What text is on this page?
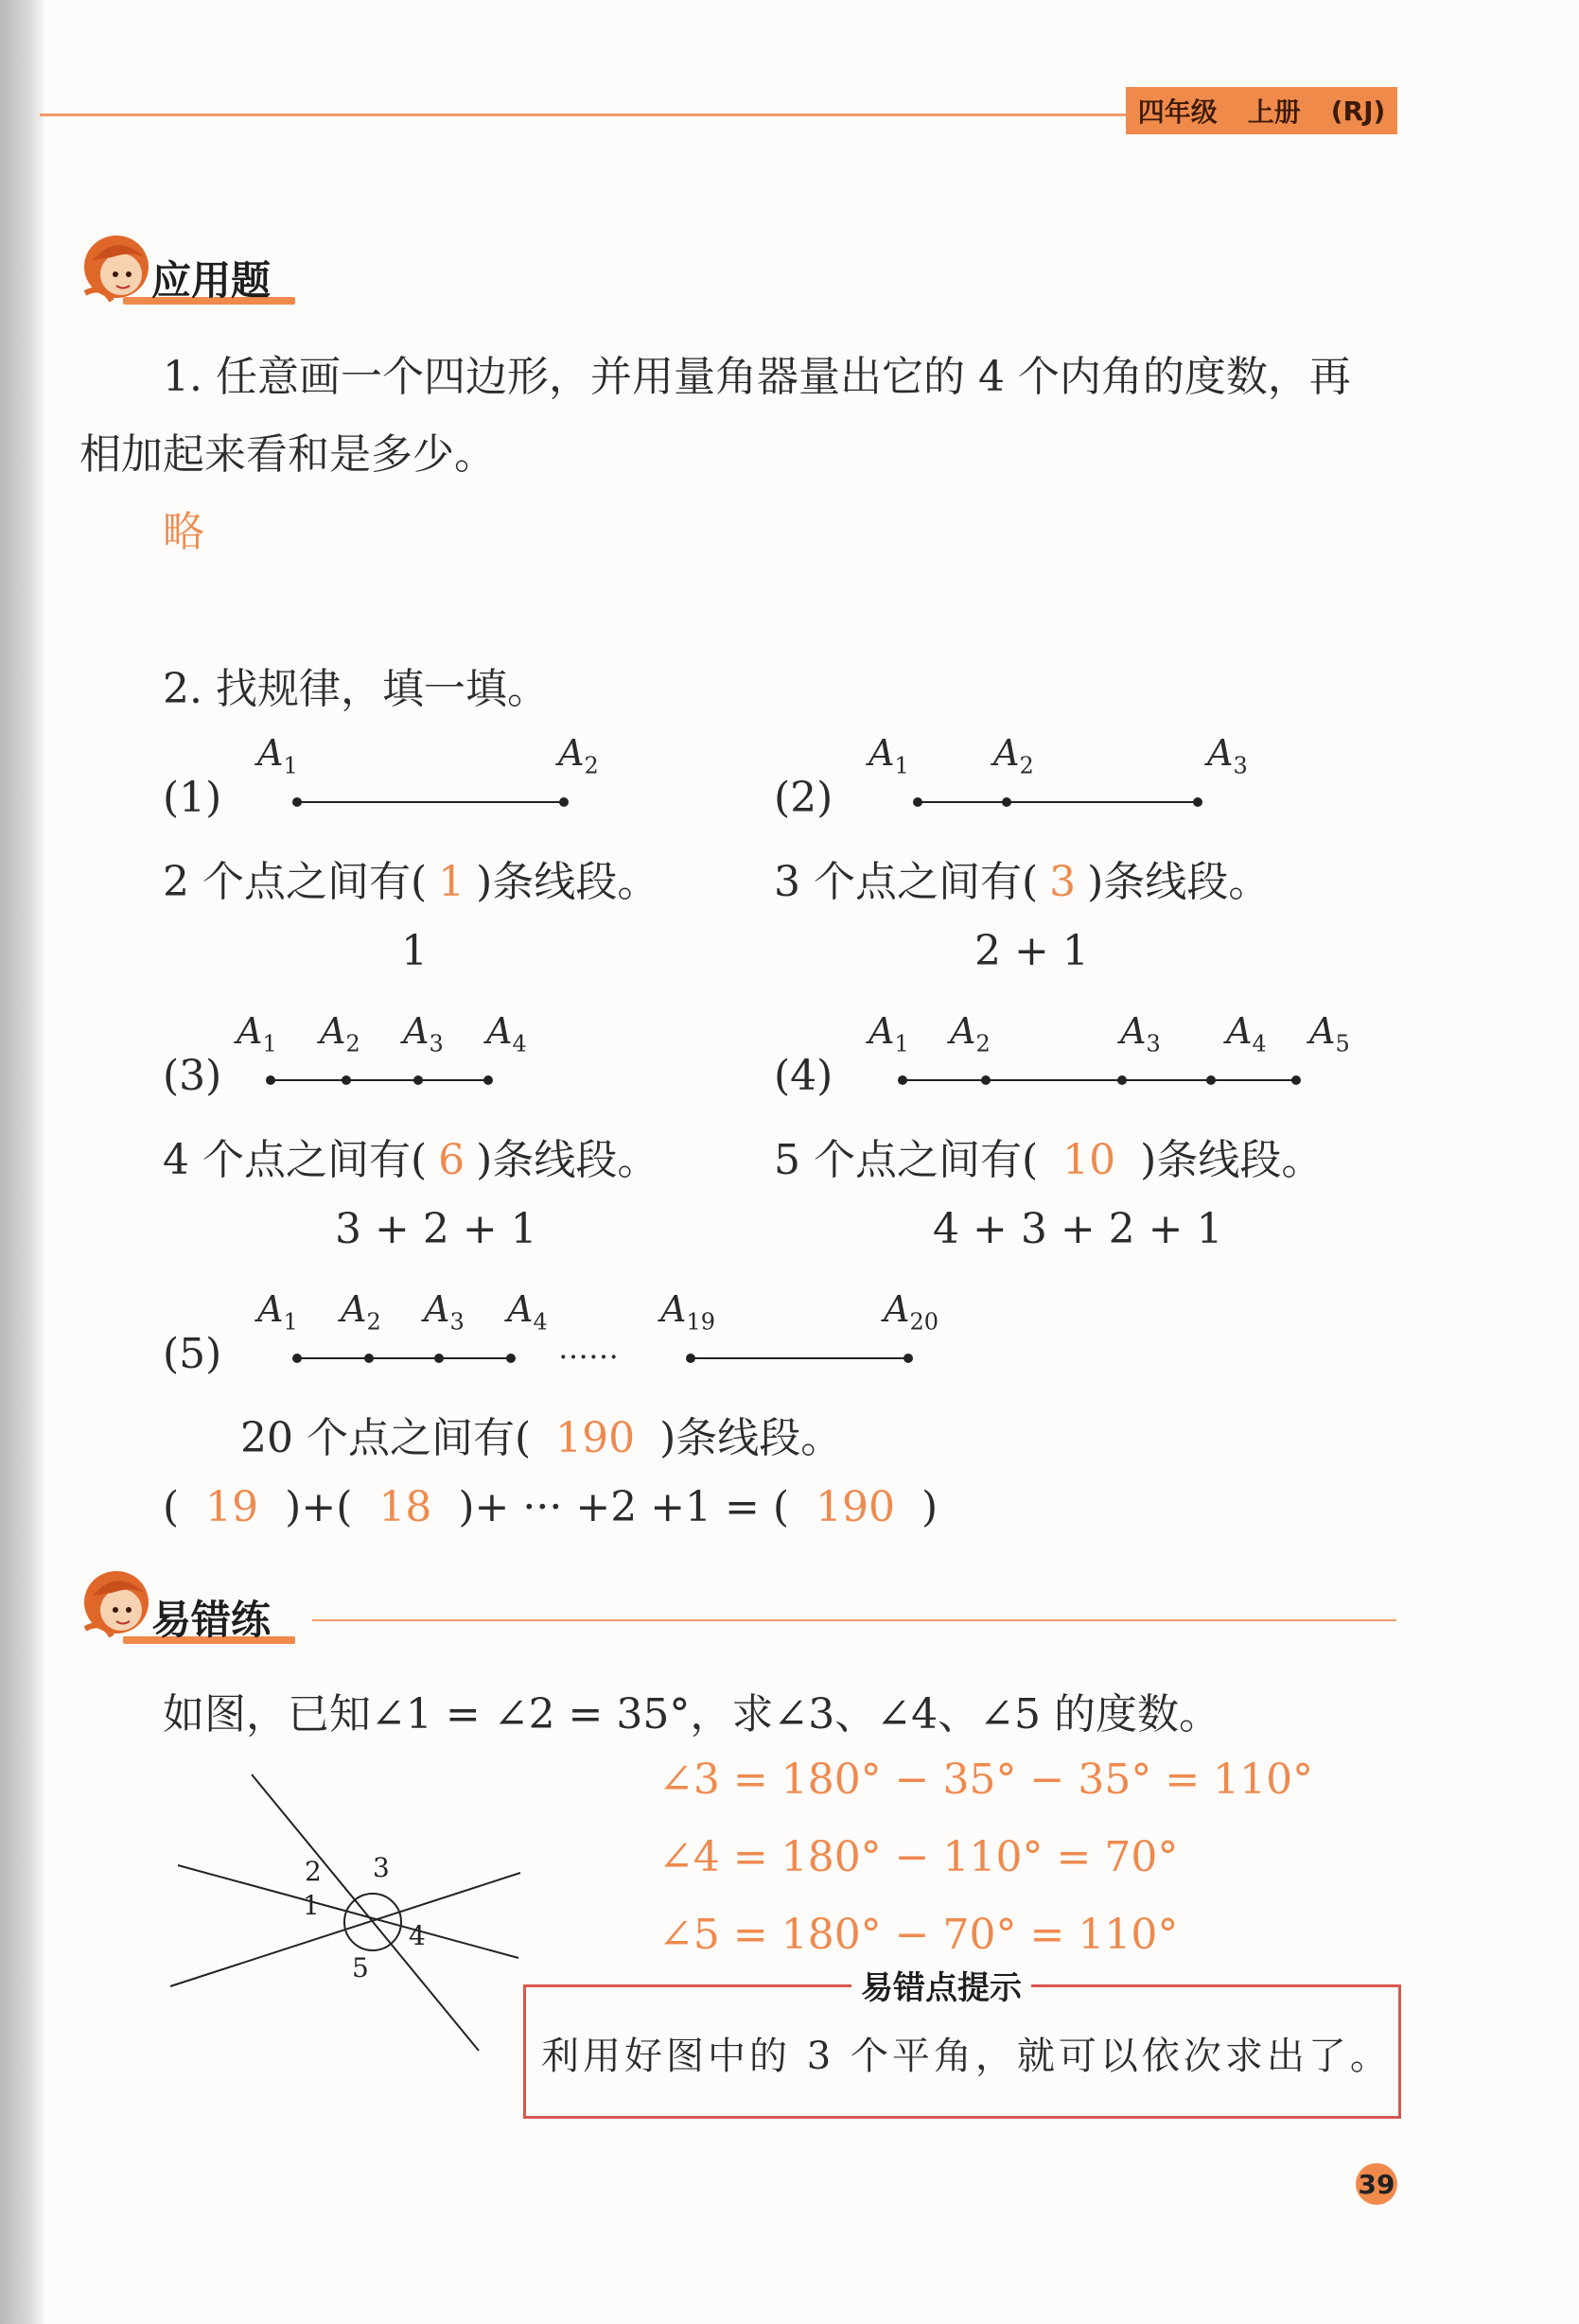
四年级 上册 (RJ)
应用题
1. 任意画一个四边形，并用量角器量出它的 4 个内角的度数，再
相加起来看和是多少。
略
2. 找规律，填一填。
(1)
$A_1$	$A_2$
2 个点之间有( 1 )条线段。
1
(2)
$A_1$ $A_2$	$A_3$
3 个点之间有( 3 )条线段。
2 + 1
(3)
$A_1$ $A_2$ $A_3$ $A_4$
4 个点之间有( 6 )条线段。
3 + 2 + 1
(4)
$A_1$ $A_2$	$A_3$ $A_4$ $A_5$
5 个点之间有( 10 )条线段。
4 + 3 + 2 + 1
(5)
$A_1$ $A_2$ $A_3$ $A_4$	$A_{19}$	$A_{20}$
……
20 个点之间有( 190 )条线段。
( 19 )+( 18 )+ ··· +2 +1 = ( 190 )
易错练
如图，已知∠1 = ∠2 = 35°，求∠3、∠4、∠5 的度数。
1
2 3
4
5
∠3 = 180° − 35° − 35° = 110°
∠4 = 180° − 110° = 70°
∠5 = 180° − 70° = 110°
易错点提示
利用好图中的 3 个平角，就可以依次求出了。
39
